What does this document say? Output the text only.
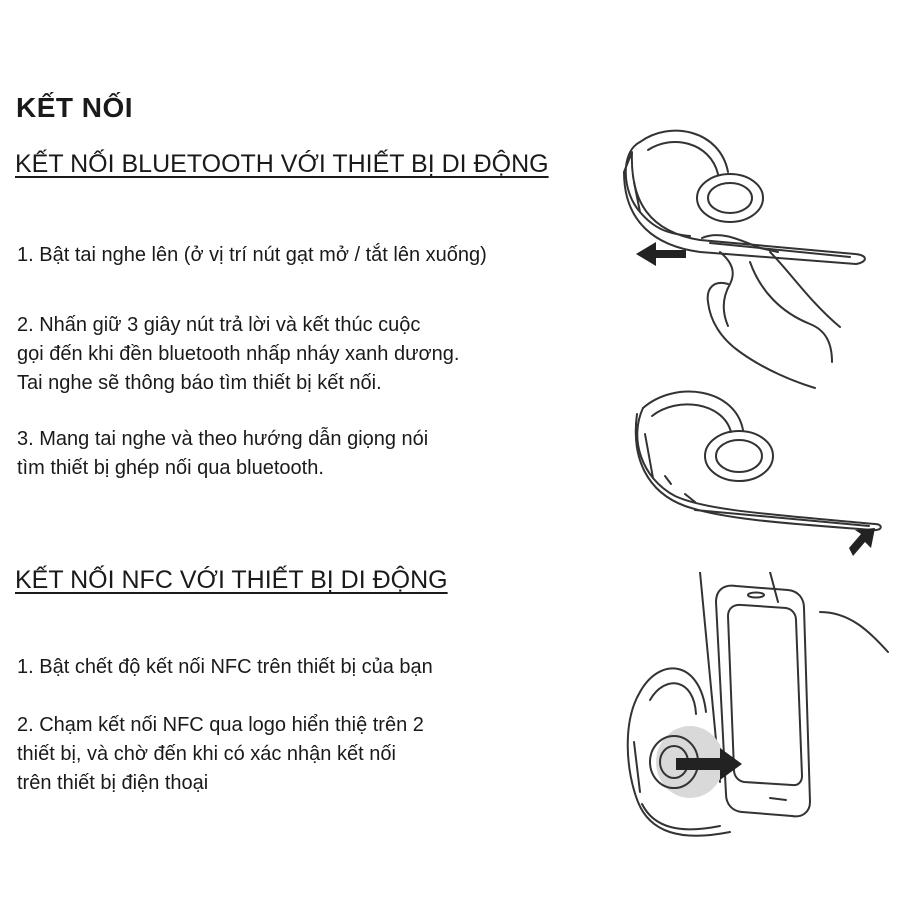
KẾT NỐI
KẾT NỐI BLUETOOTH VỚI THIẾT BỊ DI ĐỘNG

1. Bật tai nghe lên (ở vị trí nút gạt mở / tắt lên xuống)

2. Nhấn giữ 3 giây nút trả lời và kết thúc cuộc
gọi đến khi đền bluetooth nhấp nháy xanh dương.
Tai nghe sẽ thông báo tìm thiết bị kết nối.

3. Mang tai nghe và theo hướng dẫn giọng nói
tìm thiết bị ghép nối qua bluetooth.

KẾT NỐI NFC VỚI THIẾT BỊ DI ĐỘNG

1. Bật chết độ kết nối NFC trên thiết bị của bạn

2. Chạm kết nối NFC qua logo hiển thiệ trên 2
thiết bị, và chờ đến khi có xác nhận kết nối
trên thiết bị điện thoại
